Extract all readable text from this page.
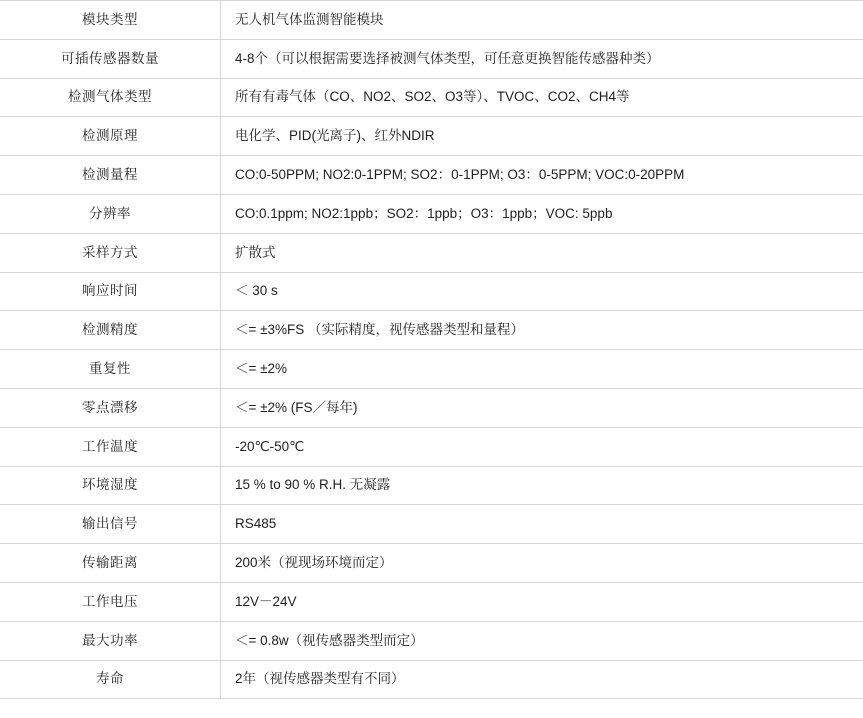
模块类型	无人机气体监测智能模块
可插传感器数量	4-8个（可以根据需要选择被测气体类型，可任意更换智能传感器种类）
检测气体类型	所有有毒气体（CO、NO2、SO2、O3等）、TVOC、CO2、CH4等
检测原理	电化学、PID(光离子)、红外NDIR
检测量程	CO:0-50PPM; NO2:0-1PPM; SO2：0-1PPM; O3：0-5PPM; VOC:0-20PPM
分辨率	CO:0.1ppm; NO2:1ppb；SO2：1ppb；O3：1ppb；VOC: 5ppb
采样方式	扩散式
响应时间	＜ 30 s
检测精度	＜= ±3%FS （实际精度，视传感器类型和量程）
重复性	＜= ±2%
零点漂移	＜= ±2% (FS／每年)
工作温度	-20℃-50℃
环境湿度	15 % to 90 % R.H. 无凝露
输出信号	RS485
传输距离	200米（视现场环境而定）
工作电压	12V－24V
最大功率	＜= 0.8w（视传感器类型而定）
寿命	2年（视传感器类型有不同）
